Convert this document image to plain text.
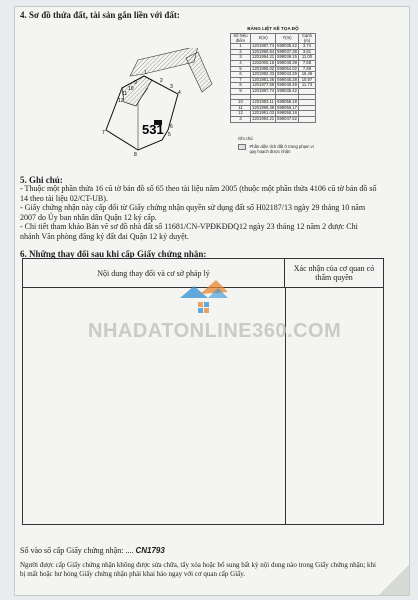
4. Sơ đồ thửa đất, tài sản gắn liền với đất:
531
7
8
12
11
10
9
1
2
3
4
6
5
BẢNG LIỆT KÊ TỌA ĐỘ
Số hiệu điểm	X(m)	Y(m)	Cạnh (m)
1	1201987.74	599035.42	3.74
2	1201990.84	599037.38	3.81
3	1201994.21	599039.15	11.00
4	1202000.16	599048.38	7.68
5	1201995.02	599054.02	7.69
6	1201992.33	599043.29	16.46
7	1201981.26	599045.28	10.97
8	1201977.69	599049.49	11.73
9	1201987.74	599035.42	

10	1201993.11	599058.18	
11	1201996.39	599056.17	
12	1201991.03	599058.18	
3	1201994.21	599047.52	
Ghi chú:
Phần diện tích đất ở trong phạm vi quy hoạch được nhận
5. Ghi chú:

- Thuộc một phần thửa 16 cũ tờ bản đồ số 65 theo tài liệu năm 2005 (thuộc một phần thửa 4106 cũ tờ bản đồ số 14 theo tài liệu 02/CT-UB).

- Giấy chứng nhận này cấp đổi từ Giấy chứng nhận quyền sử dụng đất số H02187/13 ngày 29 tháng 10 năm 2007 do Ủy ban nhân dân Quận 12 ký cấp.

- Chi tiết tham khảo Bản vẽ sơ đồ nhà đất số 11681/CN-VPĐKĐĐQ12 ngày 23 tháng 12 năm 2 được Chi nhánh Văn phòng đăng ký đất đai Quận 12 ký duyệt.

6. Những thay đổi sau khi cấp Giấy chứng nhận:
Nội dung thay đổi và cơ sở pháp lý	Xác nhận của cơ quan có thẩm quyền
NHADATONLINE360.COM
Số vào sổ cấp Giấy chứng nhận: .... CN1793
Người được cấp Giấy chứng nhận không được sửa chữa, tẩy xóa hoặc bổ sung bất kỳ nội dung nào trong Giấy chứng nhận; khi bị mất hoặc hư hỏng Giấy chứng nhận phải khai báo ngay với cơ quan cấp Giấy.
